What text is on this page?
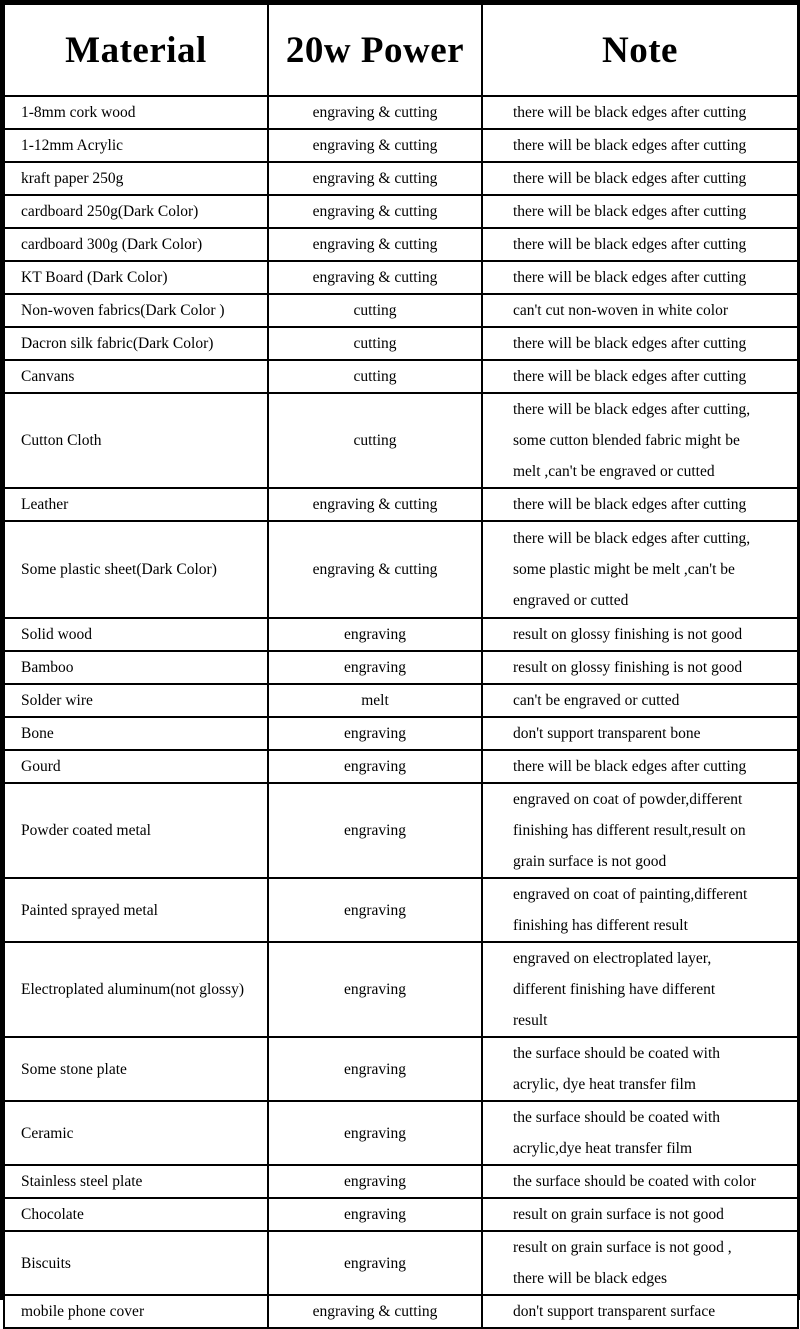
Material	20w Power	Note
1-8mm cork wood	engraving & cutting	there will be black edges after cutting

1-12mm Acrylic	engraving & cutting	there will be black edges after cutting

kraft paper 250g	engraving & cutting	there will be black edges after cutting

cardboard 250g(Dark Color)	engraving & cutting	there will be black edges after cutting

cardboard 300g (Dark Color)	engraving & cutting	there will be black edges after cutting

KT Board (Dark Color)	engraving & cutting	there will be black edges after cutting

Non-woven fabrics(Dark Color )	cutting	can't cut non-woven in white color

Dacron silk fabric(Dark Color)	cutting	there will be black edges after cutting

Canvans	cutting	there will be black edges after cutting

Cutton Cloth	cutting	there will be black edges after cutting,
some cutton blended fabric might be
melt ,can't be engraved or cutted

Leather	engraving & cutting	there will be black edges after cutting

Some plastic sheet(Dark Color)	engraving & cutting	there will be black edges after cutting,
some plastic might be melt ,can't be
engraved or cutted

Solid wood	engraving	result on glossy finishing is not good

Bamboo	engraving	result on glossy finishing is not good

Solder wire	melt	can't be engraved or cutted

Bone	engraving	don't support transparent bone

Gourd	engraving	there will be black edges after cutting

Powder coated metal	engraving	engraved on coat of powder,different
finishing has different result,result on
grain surface is not good

Painted sprayed metal	engraving	engraved on coat of painting,different
finishing has different result

Electroplated aluminum(not glossy)	engraving	engraved on electroplated layer,
different finishing have different
result

Some stone plate	engraving	the surface should be coated with
acrylic, dye heat transfer film

Ceramic	engraving	the surface should be coated with
acrylic,dye heat transfer film

Stainless steel plate	engraving	the surface should be coated with color

Chocolate	engraving	result on grain surface is not good

Biscuits	engraving	result on grain surface is not good ,
there will be black edges

mobile phone cover	engraving & cutting	don't support transparent surface
